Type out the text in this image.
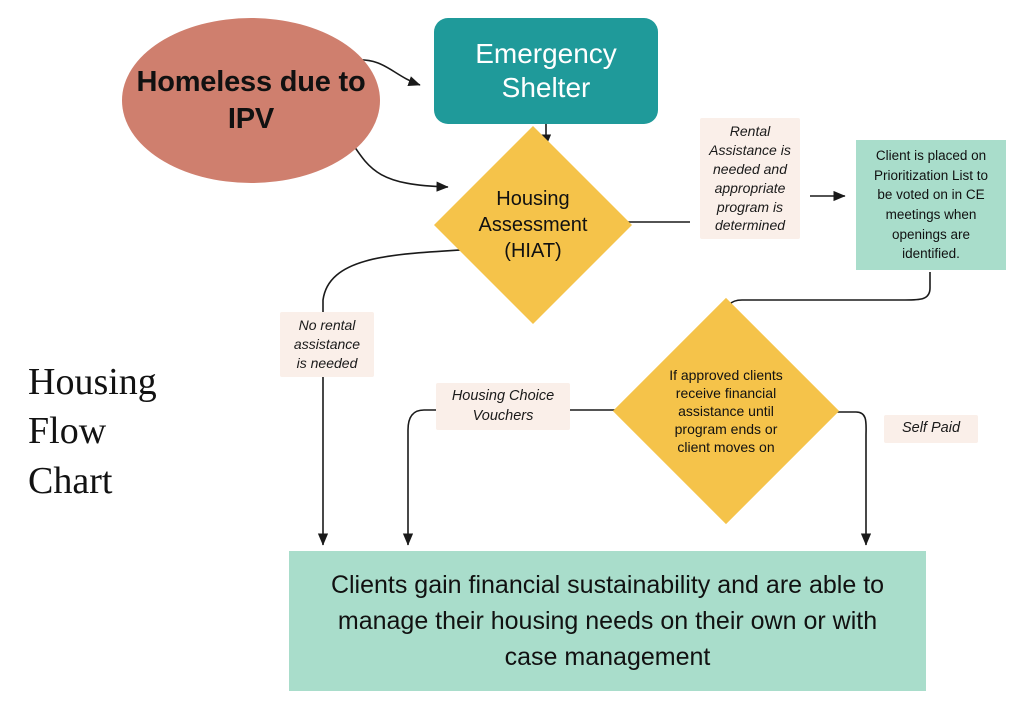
Housing
Flow
Chart
Homeless due to IPV
Emergency Shelter
Housing Assessment (HIAT)
Client is placed on Prioritization List to be voted on in CE meetings when openings are identified.
If approved clients receive financial assistance until program ends or client moves on
Clients gain financial sustainability and are able to manage their housing needs on their own or with case management
Rental Assistance is needed and appropriate program is determined
No rental assistance is needed
Housing Choice Vouchers
Self Paid
